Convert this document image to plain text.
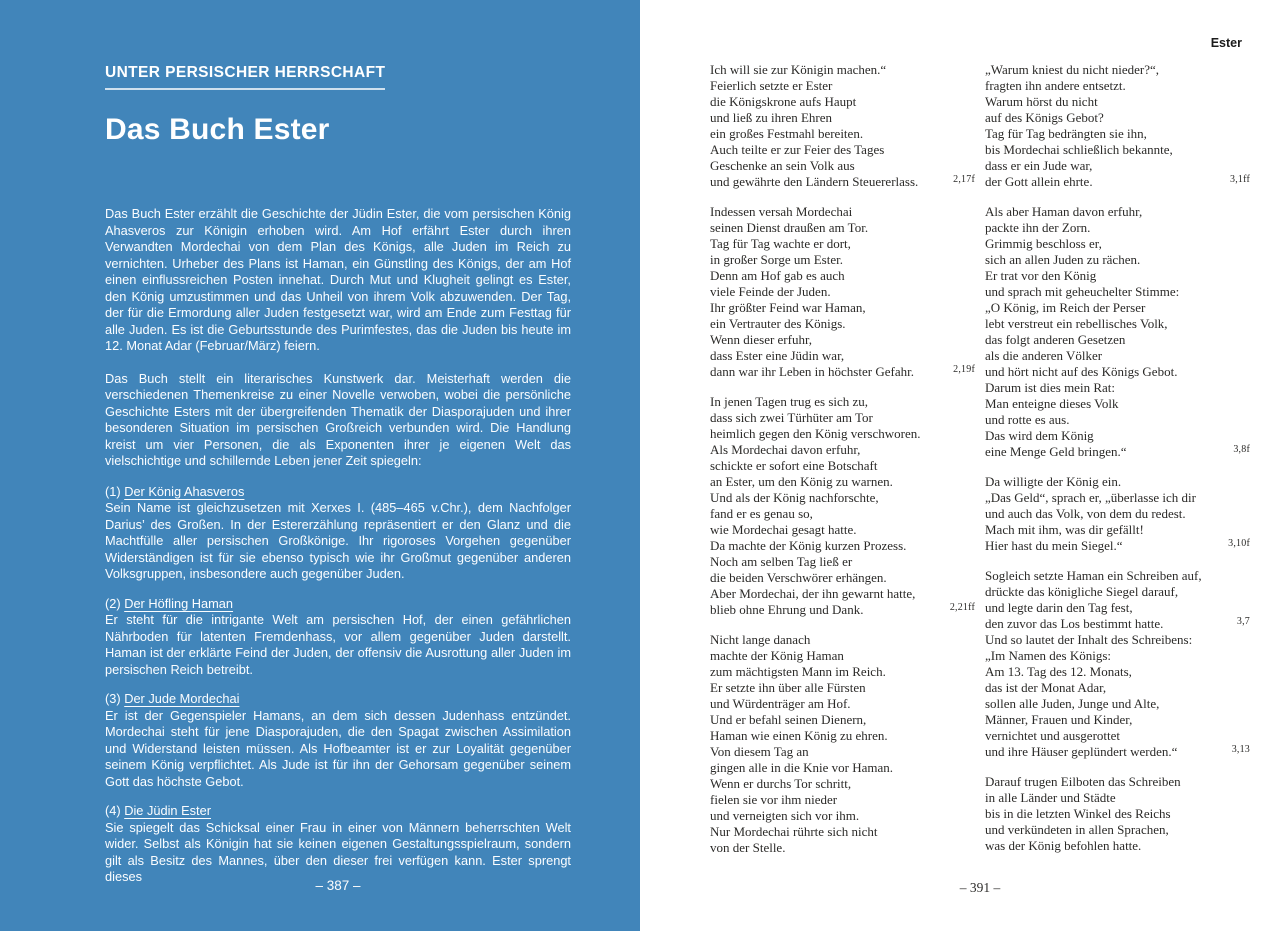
UNTER PERSISCHER HERRSCHAFT
Das Buch Ester

Das Buch Ester erzählt die Geschichte der Jüdin Ester, die vom persischen König Ahasveros zur Königin erhoben wird. Am Hof erfährt Ester durch ihren Verwandten Mordechai von dem Plan des Königs, alle Juden im Reich zu vernichten. Urheber des Plans ist Haman, ein Günstling des Königs, der am Hof einen einflussreichen Posten innehat. Durch Mut und Klugheit gelingt es Ester, den König umzustimmen und das Unheil von ihrem Volk abzuwenden. Der Tag, der für die Ermordung aller Juden festgesetzt war, wird am Ende zum Festtag für alle Juden. Es ist die Geburtsstunde des Purimfestes, das die Juden bis heute im 12. Monat Adar (Februar/März) feiern.

Das Buch stellt ein literarisches Kunstwerk dar. Meisterhaft werden die verschiedenen Themenkreise zu einer Novelle verwoben, wobei die persönliche Geschichte Esters mit der übergreifenden Thematik der Diasporajuden und ihrer besonderen Situation im persischen Großreich verbunden wird. Die Handlung kreist um vier Personen, die als Exponenten ihrer je eigenen Welt das vielschichtige und schillernde Leben jener Zeit spiegeln:

(1) Der König Ahasveros

Sein Name ist gleichzusetzen mit Xerxes I. (485–465 v.Chr.), dem Nachfolger Darius’ des Großen. In der Estererzählung repräsentiert er den Glanz und die Machtfülle aller persischen Großkönige. Ihr rigoroses Vorgehen gegenüber Widerständigen ist für sie ebenso typisch wie ihr Großmut gegenüber anderen Volksgruppen, insbesondere auch gegenüber Juden.

(2) Der Höfling Haman

Er steht für die intrigante Welt am persischen Hof, der einen gefährlichen Nährboden für latenten Fremdenhass, vor allem gegenüber Juden darstellt. Haman ist der erklärte Feind der Juden, der offensiv die Ausrottung aller Juden im persischen Reich betreibt.

(3) Der Jude Mordechai

Er ist der Gegenspieler Hamans, an dem sich dessen Judenhass entzündet. Mordechai steht für jene Diasporajuden, die den Spagat zwischen Assimilation und Widerstand leisten müssen. Als Hofbeamter ist er zur Loyalität gegenüber seinem König verpflichtet. Als Jude ist für ihn der Gehorsam gegenüber seinem Gott das höchste Gebot.

(4) Die Jüdin Ester

Sie spiegelt das Schicksal einer Frau in einer von Männern beherrschten Welt wider. Selbst als Königin hat sie keinen eigenen Gestaltungsspielraum, sondern gilt als Besitz des Mannes, über den dieser frei verfügen kann. Ester sprengt dieses

– 387 –
Ester
Ich will sie zur Königin machen.“
Feierlich setzte er Ester
die Königskrone aufs Haupt
und ließ zu ihren Ehren
ein großes Festmahl bereiten.
Auch teilte er zur Feier des Tages
Geschenke an sein Volk aus
und gewährte den Ländern Steuererlass.	2,17f
Indessen versah Mordechai
seinen Dienst draußen am Tor.
Tag für Tag wachte er dort,
in großer Sorge um Ester.
Denn am Hof gab es auch
viele Feinde der Juden.
Ihr größter Feind war Haman,
ein Vertrauter des Königs.
Wenn dieser erfuhr,
dass Ester eine Jüdin war,
dann war ihr Leben in höchster Gefahr.	2,19f
In jenen Tagen trug es sich zu,
dass sich zwei Türhüter am Tor
heimlich gegen den König verschworen.
Als Mordechai davon erfuhr,
schickte er sofort eine Botschaft
an Ester, um den König zu warnen.
Und als der König nachforschte,
fand er es genau so,
wie Mordechai gesagt hatte.
Da machte der König kurzen Prozess.
Noch am selben Tag ließ er
die beiden Verschwörer erhängen.
Aber Mordechai, der ihn gewarnt hatte,
blieb ohne Ehrung und Dank.	2,21ff
Nicht lange danach
machte der König Haman
zum mächtigsten Mann im Reich.
Er setzte ihn über alle Fürsten
und Würdenträger am Hof.
Und er befahl seinen Dienern,
Haman wie einen König zu ehren.
Von diesem Tag an
gingen alle in die Knie vor Haman.
Wenn er durchs Tor schritt,
fielen sie vor ihm nieder
und verneigten sich vor ihm.
Nur Mordechai rührte sich nicht
von der Stelle.
„Warum kniest du nicht nieder?“,
fragten ihn andere entsetzt.
Warum hörst du nicht
auf des Königs Gebot?
Tag für Tag bedrängten sie ihn,
bis Mordechai schließlich bekannte,
dass er ein Jude war,
der Gott allein ehrte.	3,1ff
Als aber Haman davon erfuhr,
packte ihn der Zorn.
Grimmig beschloss er,
sich an allen Juden zu rächen.
Er trat vor den König
und sprach mit geheuchelter Stimme:
„O König, im Reich der Perser
lebt verstreut ein rebellisches Volk,
das folgt anderen Gesetzen
als die anderen Völker
und hört nicht auf des Königs Gebot.
Darum ist dies mein Rat:
Man enteigne dieses Volk
und rotte es aus.
Das wird dem König
eine Menge Geld bringen.“	3,8f
Da willigte der König ein.
„Das Geld“, sprach er, „überlasse ich dir
und auch das Volk, von dem du redest.
Mach mit ihm, was dir gefällt!
Hier hast du mein Siegel.“	3,10f
Sogleich setzte Haman ein Schreiben auf,
drückte das königliche Siegel darauf,
und legte darin den Tag fest,
den zuvor das Los bestimmt hatte.	3,7
Und so lautet der Inhalt des Schreibens:
„Im Namen des Königs:
Am 13. Tag des 12. Monats,
das ist der Monat Adar,
sollen alle Juden, Junge und Alte,
Männer, Frauen und Kinder,
vernichtet und ausgerottet
und ihre Häuser geplündert werden.“	3,13
Darauf trugen Eilboten das Schreiben
in alle Länder und Städte
bis in die letzten Winkel des Reichs
und verkündeten in allen Sprachen,
was der König befohlen hatte.
– 391 –
